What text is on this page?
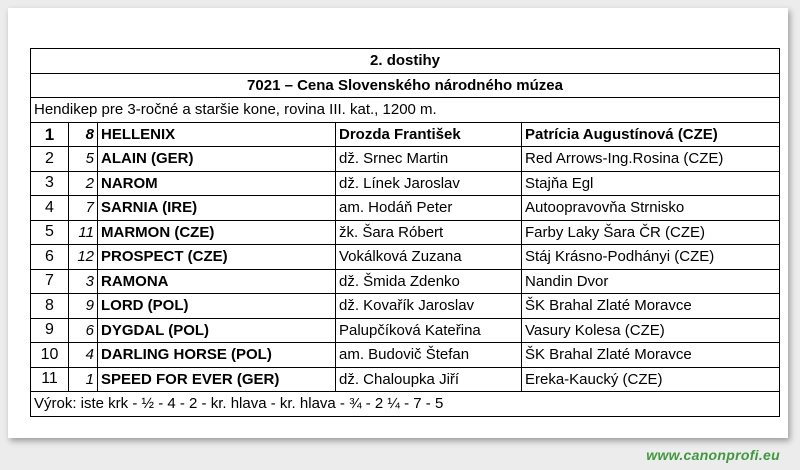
2. dostihy				
7021 – Cena Slovenského národného múzea				
Hendikep pre 3-ročné a staršie kone, rovina III. kat., 1200 m.				
1	8	HELLENIX	Drozda František	Patrícia Augustínová (CZE)
2	5	ALAIN (GER)	dž. Srnec Martin	Red Arrows-Ing.Rosina (CZE)
3	2	NAROM	dž. Línek Jaroslav	Stajňa Egl
4	7	SARNIA (IRE)	am. Hodáň Peter	Autoopravovňa Strnisko
5	11	MARMON (CZE)	žk. Šara Róbert	Farby Laky Šara ČR (CZE)
6	12	PROSPECT (CZE)	Vokálková Zuzana	Stáj Krásno-Podhányi (CZE)
7	3	RAMONA	dž. Šmida Zdenko	Nandin Dvor
8	9	LORD (POL)	dž. Kovařík Jaroslav	ŠK Brahal Zlaté Moravce
9	6	DYGDAL (POL)	Palupčíková Kateřina	Vasury Kolesa (CZE)
10	4	DARLING HORSE (POL)	am. Budovič Štefan	ŠK Brahal Zlaté Moravce
11	1	SPEED FOR EVER (GER)	dž. Chaloupka Jiří	Ereka-Kaucký (CZE)
Výrok: iste krk - ½ - 4 - 2 - kr. hlava - kr. hlava - ¾ - 2 ¼ - 7 - 5				
www.canonprofi.eu
